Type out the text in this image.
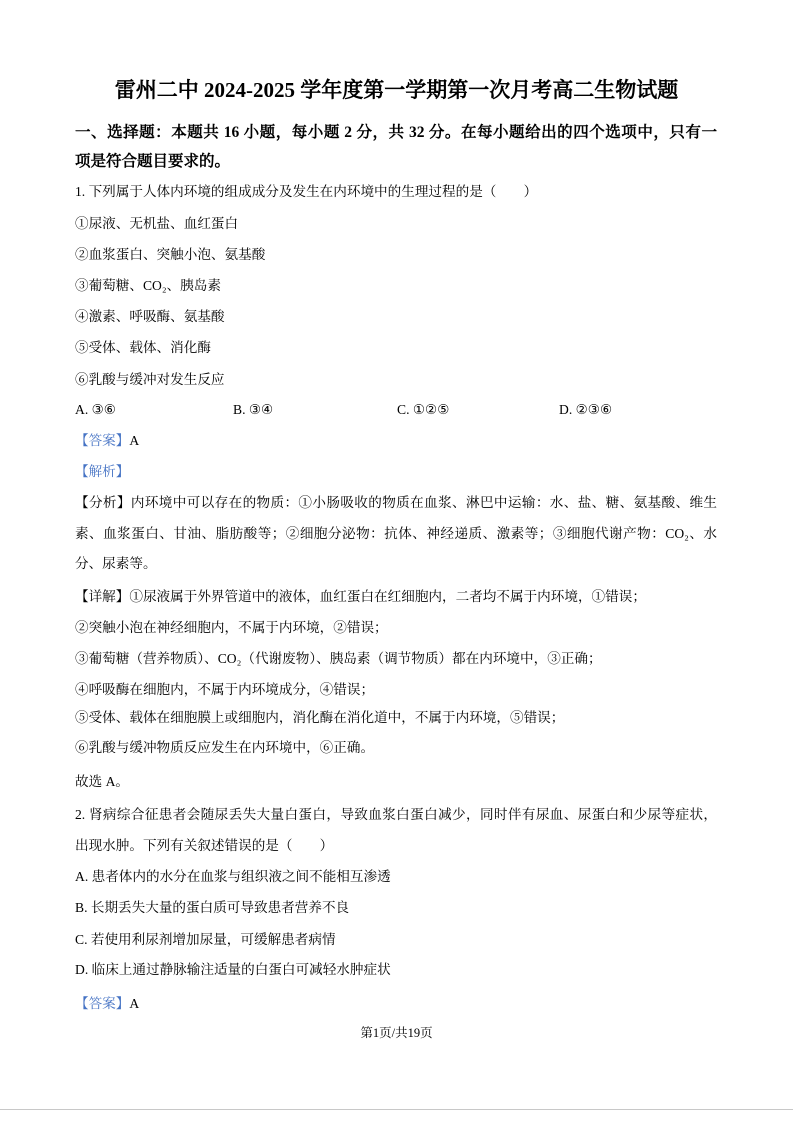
雷州二中 2024-2025 学年度第一学期第一次月考高二生物试题
一、选择题：本题共 16 小题，每小题 2 分，共 32 分。在每小题给出的四个选项中，只有一
项是符合题目要求的。
1. 下列属于人体内环境的组成成分及发生在内环境中的生理过程的是（　　）
①尿液、无机盐、血红蛋白
②血浆蛋白、突触小泡、氨基酸
③葡萄糖、CO₂、胰岛素
④激素、呼吸酶、氨基酸
⑤受体、载体、消化酶
⑥乳酸与缓冲对发生反应
A. ③⑥	B. ③④	C. ①②⑤	D. ②③⑥
【答案】A
【解析】
【分析】内环境中可以存在的物质：①小肠吸收的物质在血浆、淋巴中运输：水、盐、糖、氨基酸、维生
素、血浆蛋白、甘油、脂肪酸等；②细胞分泌物：抗体、神经递质、激素等；③细胞代谢产物：CO₂、水
分、尿素等。
【详解】①尿液属于外界管道中的液体，血红蛋白在红细胞内，二者均不属于内环境，①错误；
②突触小泡在神经细胞内，不属于内环境，②错误；
③葡萄糖（营养物质）、CO₂（代谢废物）、胰岛素（调节物质）都在内环境中，③正确；
④呼吸酶在细胞内，不属于内环境成分，④错误；
⑤受体、载体在细胞膜上或细胞内，消化酶在消化道中，不属于内环境，⑤错误；
⑥乳酸与缓冲物质反应发生在内环境中，⑥正确。
故选 A。
2. 肾病综合征患者会随尿丢失大量白蛋白，导致血浆白蛋白减少，同时伴有尿血、尿蛋白和少尿等症状，
出现水肿。下列有关叙述错误的是（　　）
A. 患者体内的水分在血浆与组织液之间不能相互渗透
B. 长期丢失大量的蛋白质可导致患者营养不良
C. 若使用利尿剂增加尿量，可缓解患者病情
D. 临床上通过静脉输注适量的白蛋白可减轻水肿症状
【答案】A
第1页/共19页
